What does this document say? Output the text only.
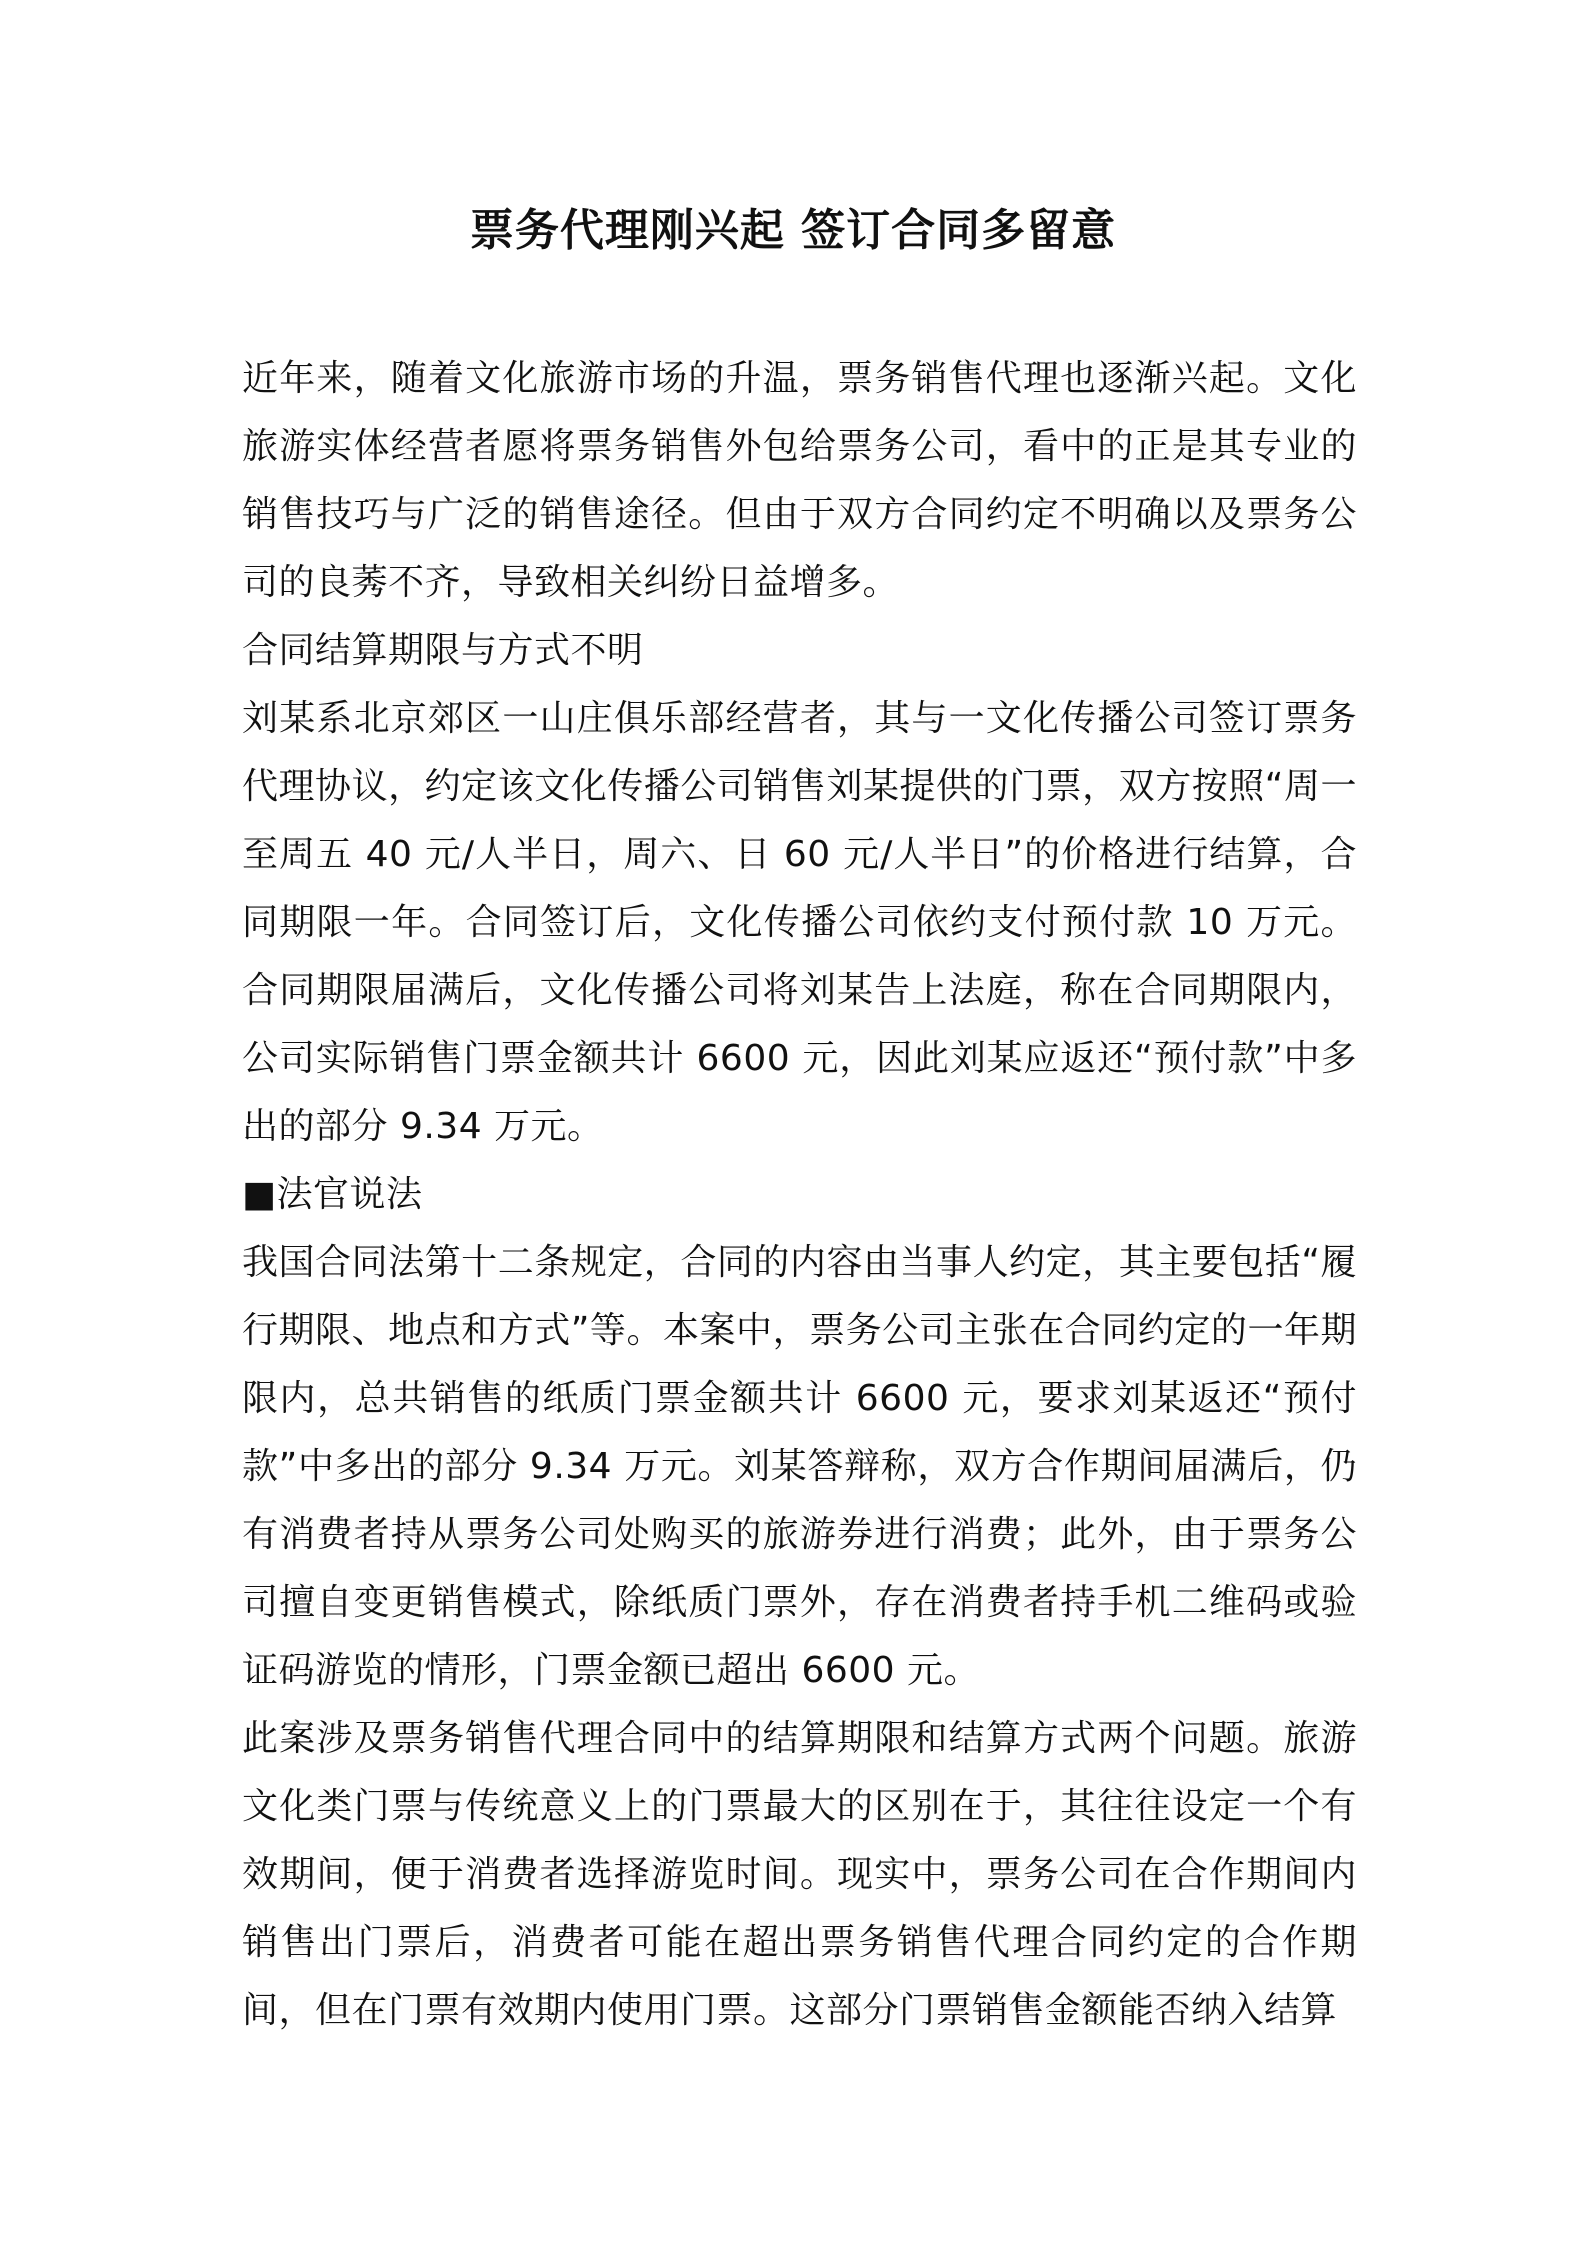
票务代理刚兴起 签订合同多留意

近年来，随着文化旅游市场的升温，票务销售代理也逐渐兴起。文化旅游实体经营者愿将票务销售外包给票务公司，看中的正是其专业的销售技巧与广泛的销售途径。但由于双方合同约定不明确以及票务公司的良莠不齐，导致相关纠纷日益增多。

合同结算期限与方式不明

刘某系北京郊区一山庄俱乐部经营者，其与一文化传播公司签订票务代理协议，约定该文化传播公司销售刘某提供的门票，双方按照“周一至周五 40 元/人半日，周六、日 60 元/人半日”的价格进行结算，合同期限一年。合同签订后，文化传播公司依约支付预付款 10 万元。合同期限届满后，文化传播公司将刘某告上法庭，称在合同期限内，公司实际销售门票金额共计 6600 元，因此刘某应返还“预付款”中多出的部分 9.34 万元。

■法官说法

我国合同法第十二条规定，合同的内容由当事人约定，其主要包括“履行期限、地点和方式”等。本案中，票务公司主张在合同约定的一年期限内，总共销售的纸质门票金额共计 6600 元，要求刘某返还“预付款”中多出的部分 9.34 万元。刘某答辩称，双方合作期间届满后，仍有消费者持从票务公司处购买的旅游券进行消费；此外，由于票务公司擅自变更销售模式，除纸质门票外，存在消费者持手机二维码或验证码游览的情形，门票金额已超出 6600 元。

此案涉及票务销售代理合同中的结算期限和结算方式两个问题。旅游文化类门票与传统意义上的门票最大的区别在于，其往往设定一个有效期间，便于消费者选择游览时间。现实中，票务公司在合作期间内销售出门票后，消费者可能在超出票务销售代理合同约定的合作期间，但在门票有效期内使用门票。这部分门票销售金额能否纳入结算
